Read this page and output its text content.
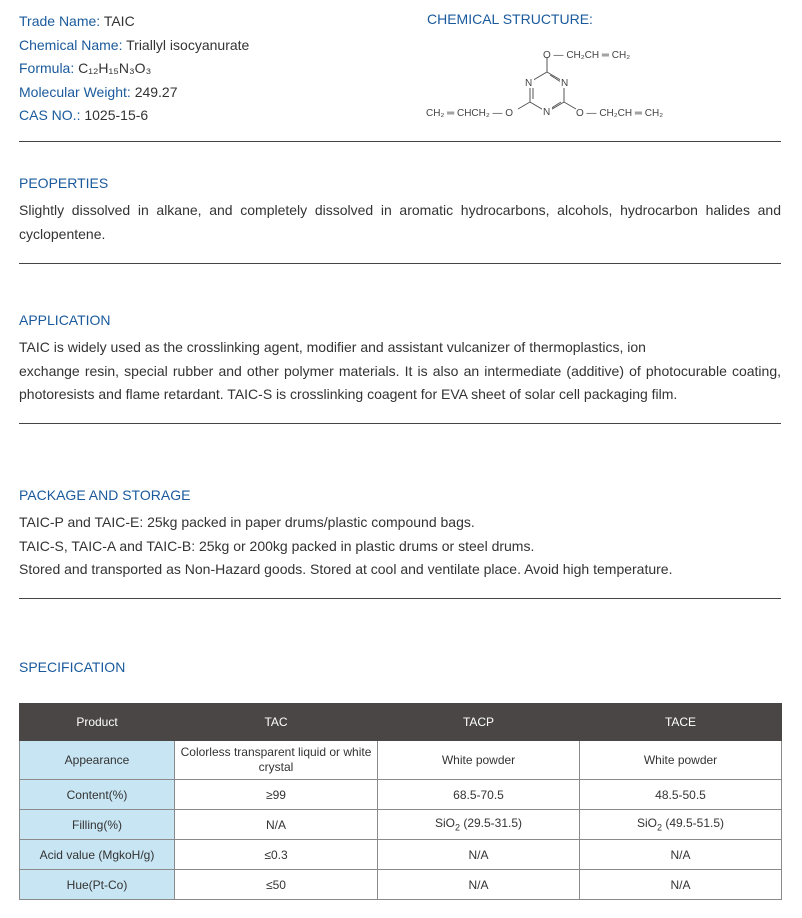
Trade Name: TAIC
Chemical Name: Triallyl isocyanurate
Formula: C₁₂H₁₅N₃O₃
Molecular Weight: 249.27
CAS NO.: 1025-15-6
CHEMICAL STRUCTURE:
N	N
N
O — CH₂CH ═ CH₂
CH₂ ═ CHCH₂ — O	O — CH₂CH ═ CH₂
PEOPERTIES
Slightly dissolved in alkane, and completely dissolved in aromatic hydrocarbons, alcohols, hydrocarbon halides and cyclopentene.
APPLICATION
TAIC is widely used as the crosslinking agent, modifier and assistant vulcanizer of thermoplastics, ion
exchange resin, special rubber and other polymer materials. It is also an intermediate (additive) of photocurable coating, photoresists and flame retardant. TAIC-S is crosslinking coagent for EVA sheet of solar cell packaging film.
PACKAGE AND STORAGE
TAIC-P and TAIC-E: 25kg packed in paper drums/plastic compound bags.
TAIC-S, TAIC-A and TAIC-B: 25kg or 200kg packed in plastic drums or steel drums.
Stored and transported as Non-Hazard goods. Stored at cool and ventilate place. Avoid high temperature.
SPECIFICATION
Product	TAC	TACP	TACE
Appearance	Colorless transparent liquid or white crystal	White powder	White powder
Content(%)	≥99	68.5-70.5	48.5-50.5
Filling(%)	N/A	SiO$_2$ (29.5-31.5)	SiO$_2$ (49.5-51.5)
Acid value (MgkoH/g)	≤0.3	N/A	N/A
Hue(Pt-Co)	≤50	N/A	N/A
